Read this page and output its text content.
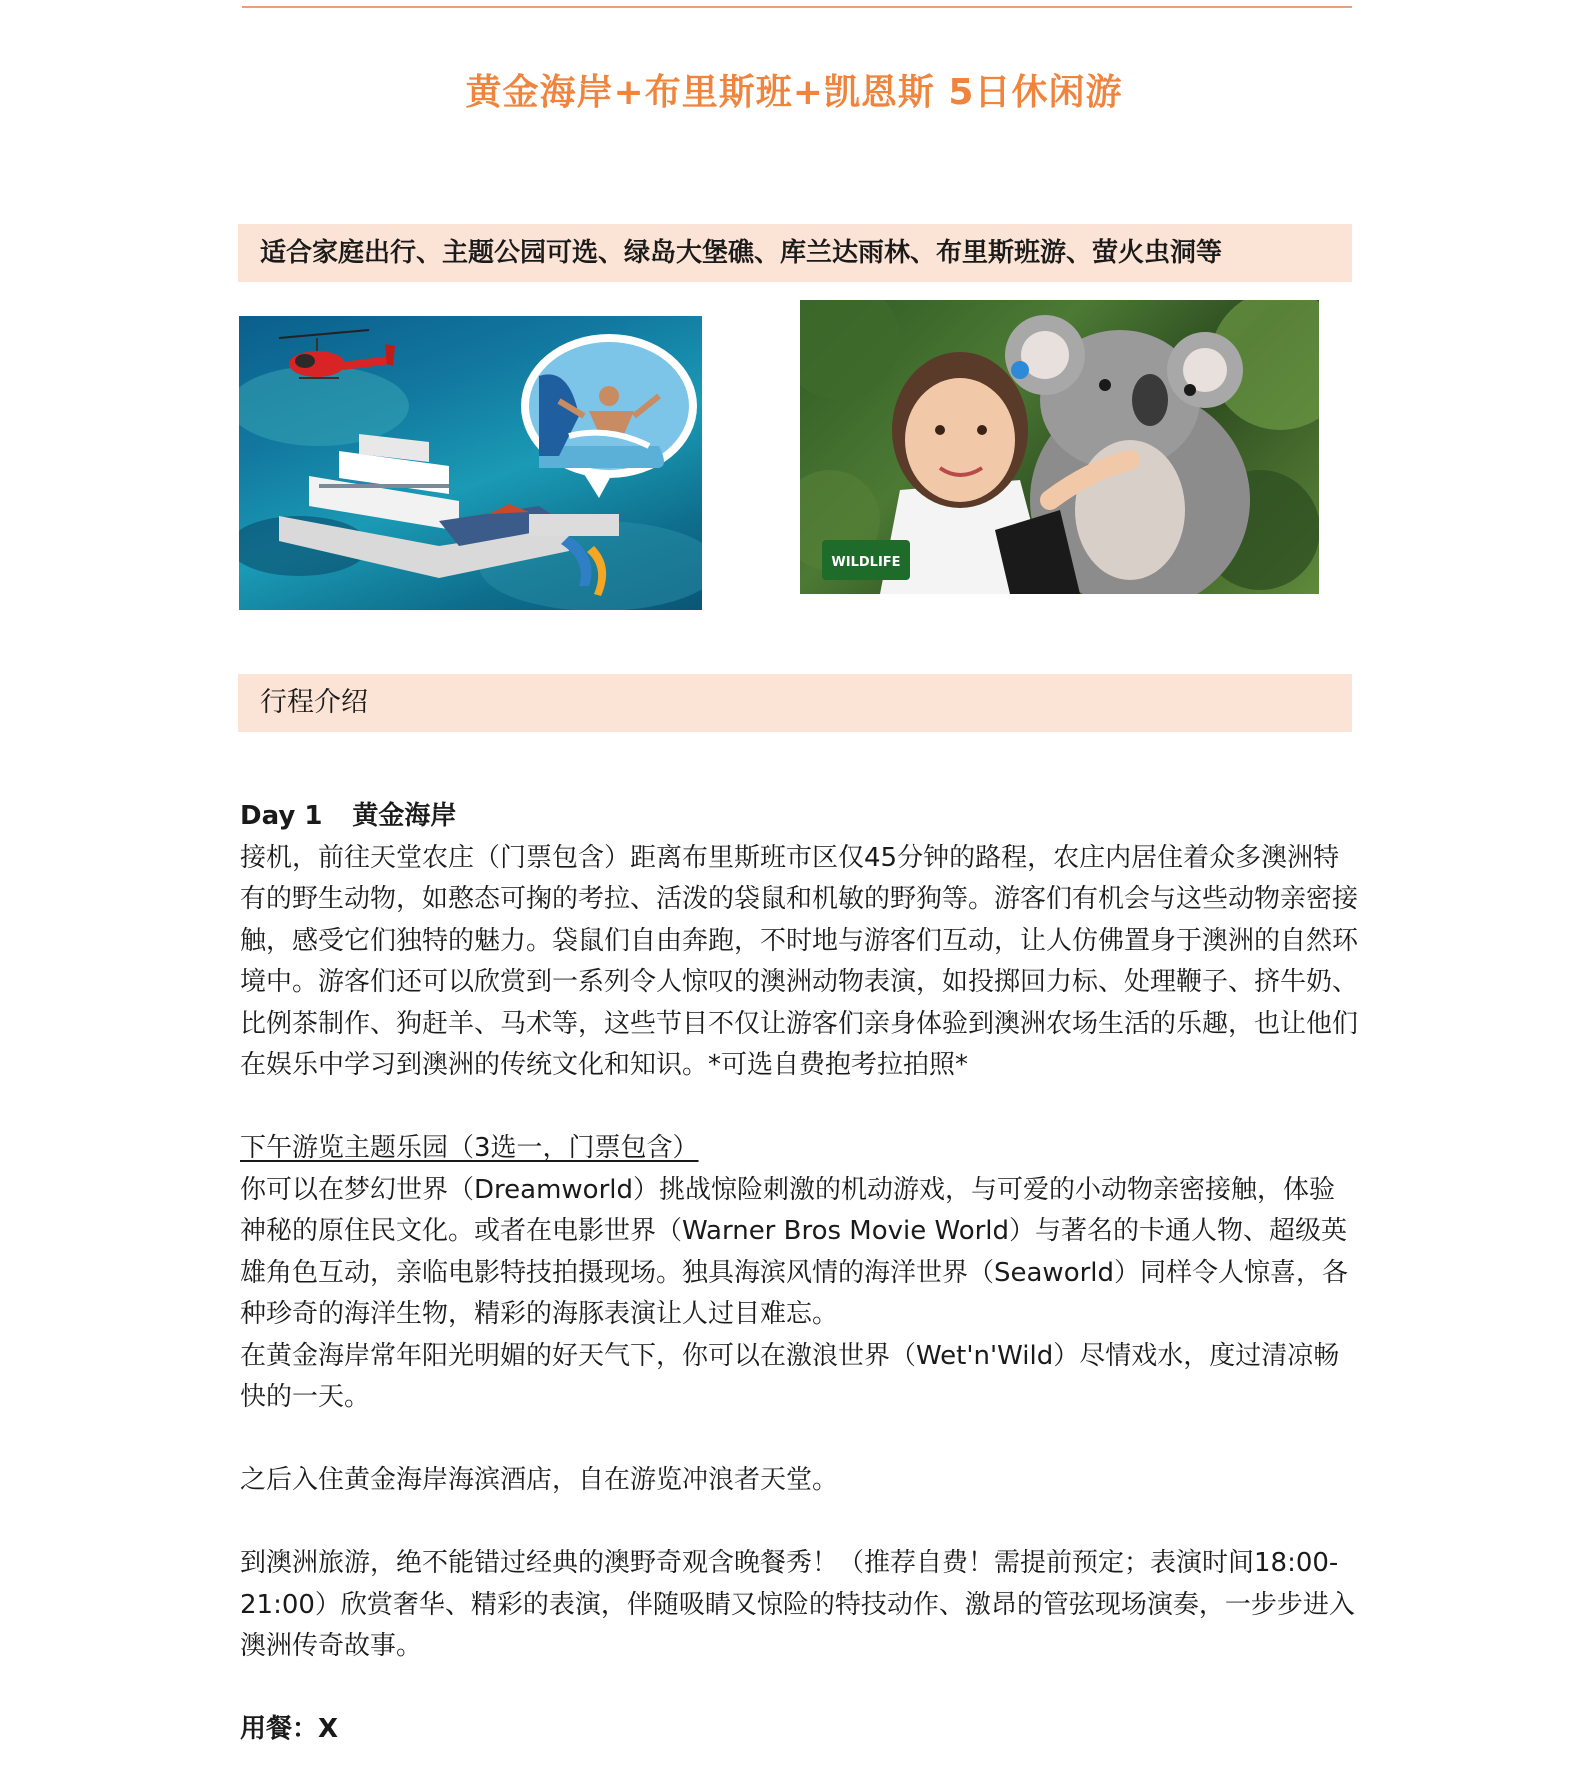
黄金海岸+布里斯班+凯恩斯 5日休闲游
适合家庭出行、主题公园可选、绿岛大堡礁、库兰达雨林、布里斯班游、萤火虫洞等
WILDLIFE
行程介绍

Day 1 黄金海岸

接机，前往天堂农庄（门票包含）距离布里斯班市区仅45分钟的路程，农庄内居住着众多澳洲特有的野生动物，如憨态可掬的考拉、活泼的袋鼠和机敏的野狗等。游客们有机会与这些动物亲密接触，感受它们独特的魅力。袋鼠们自由奔跑，不时地与游客们互动，让人仿佛置身于澳洲的自然环境中。游客们还可以欣赏到一系列令人惊叹的澳洲动物表演，如投掷回力标、处理鞭子、挤牛奶、比例茶制作、狗赶羊、马术等，这些节目不仅让游客们亲身体验到澳洲农场生活的乐趣，也让他们在娱乐中学习到澳洲的传统文化和知识。*可选自费抱考拉拍照*

下午游览主题乐园（3选一，门票包含）

你可以在梦幻世界（Dreamworld）挑战惊险刺激的机动游戏，与可爱的小动物亲密接触，体验神秘的原住民文化。或者在电影世界（Warner Bros Movie World）与著名的卡通人物、超级英雄角色互动，亲临电影特技拍摄现场。独具海滨风情的海洋世界（Seaworld）同样令人惊喜，各种珍奇的海洋生物，精彩的海豚表演让人过目难忘。

在黄金海岸常年阳光明媚的好天气下，你可以在激浪世界（Wet'n'Wild）尽情戏水，度过清凉畅快的一天。

之后入住黄金海岸海滨酒店，自在游览冲浪者天堂。

到澳洲旅游，绝不能错过经典的澳野奇观含晚餐秀！（推荐自费！需提前预定；表演时间18:00-21:00）欣赏奢华、精彩的表演，伴随吸睛又惊险的特技动作、激昂的管弦现场演奏，一步步进入澳洲传奇故事。

用餐：X
